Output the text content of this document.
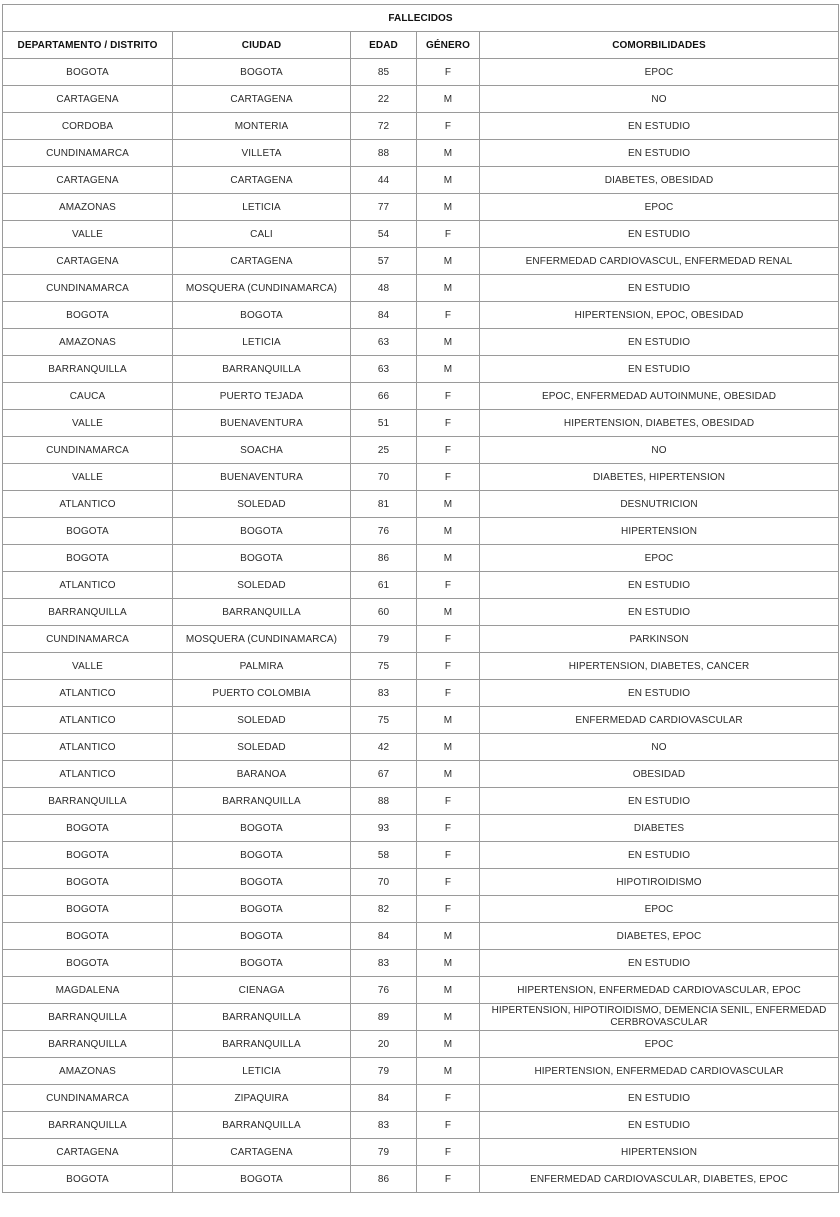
FALLECIDOS				
DEPARTAMENTO / DISTRITO	CIUDAD	EDAD	GÉNERO	COMORBILIDADES
BOGOTA	BOGOTA	85	F	EPOC
CARTAGENA	CARTAGENA	22	M	NO
CORDOBA	MONTERIA	72	F	EN ESTUDIO
CUNDINAMARCA	VILLETA	88	M	EN ESTUDIO
CARTAGENA	CARTAGENA	44	M	DIABETES, OBESIDAD
AMAZONAS	LETICIA	77	M	EPOC
VALLE	CALI	54	F	EN ESTUDIO
CARTAGENA	CARTAGENA	57	M	ENFERMEDAD CARDIOVASCUL, ENFERMEDAD RENAL
CUNDINAMARCA	MOSQUERA (CUNDINAMARCA)	48	M	EN ESTUDIO
BOGOTA	BOGOTA	84	F	HIPERTENSION, EPOC, OBESIDAD
AMAZONAS	LETICIA	63	M	EN ESTUDIO
BARRANQUILLA	BARRANQUILLA	63	M	EN ESTUDIO
CAUCA	PUERTO TEJADA	66	F	EPOC, ENFERMEDAD AUTOINMUNE, OBESIDAD
VALLE	BUENAVENTURA	51	F	HIPERTENSION, DIABETES, OBESIDAD
CUNDINAMARCA	SOACHA	25	F	NO
VALLE	BUENAVENTURA	70	F	DIABETES, HIPERTENSION
ATLANTICO	SOLEDAD	81	M	DESNUTRICION
BOGOTA	BOGOTA	76	M	HIPERTENSION
BOGOTA	BOGOTA	86	M	EPOC
ATLANTICO	SOLEDAD	61	F	EN ESTUDIO
BARRANQUILLA	BARRANQUILLA	60	M	EN ESTUDIO
CUNDINAMARCA	MOSQUERA (CUNDINAMARCA)	79	F	PARKINSON
VALLE	PALMIRA	75	F	HIPERTENSION, DIABETES, CANCER
ATLANTICO	PUERTO COLOMBIA	83	F	EN ESTUDIO
ATLANTICO	SOLEDAD	75	M	ENFERMEDAD CARDIOVASCULAR
ATLANTICO	SOLEDAD	42	M	NO
ATLANTICO	BARANOA	67	M	OBESIDAD
BARRANQUILLA	BARRANQUILLA	88	F	EN ESTUDIO
BOGOTA	BOGOTA	93	F	DIABETES
BOGOTA	BOGOTA	58	F	EN ESTUDIO
BOGOTA	BOGOTA	70	F	HIPOTIROIDISMO
BOGOTA	BOGOTA	82	F	EPOC
BOGOTA	BOGOTA	84	M	DIABETES, EPOC
BOGOTA	BOGOTA	83	M	EN ESTUDIO
MAGDALENA	CIENAGA	76	M	HIPERTENSION, ENFERMEDAD CARDIOVASCULAR, EPOC
BARRANQUILLA	BARRANQUILLA	89	M	HIPERTENSION, HIPOTIROIDISMO, DEMENCIA SENIL, ENFERMEDAD CERBROVASCULAR
BARRANQUILLA	BARRANQUILLA	20	M	EPOC
AMAZONAS	LETICIA	79	M	HIPERTENSION, ENFERMEDAD CARDIOVASCULAR
CUNDINAMARCA	ZIPAQUIRA	84	F	EN ESTUDIO
BARRANQUILLA	BARRANQUILLA	83	F	EN ESTUDIO
CARTAGENA	CARTAGENA	79	F	HIPERTENSION
BOGOTA	BOGOTA	86	F	ENFERMEDAD CARDIOVASCULAR, DIABETES, EPOC
